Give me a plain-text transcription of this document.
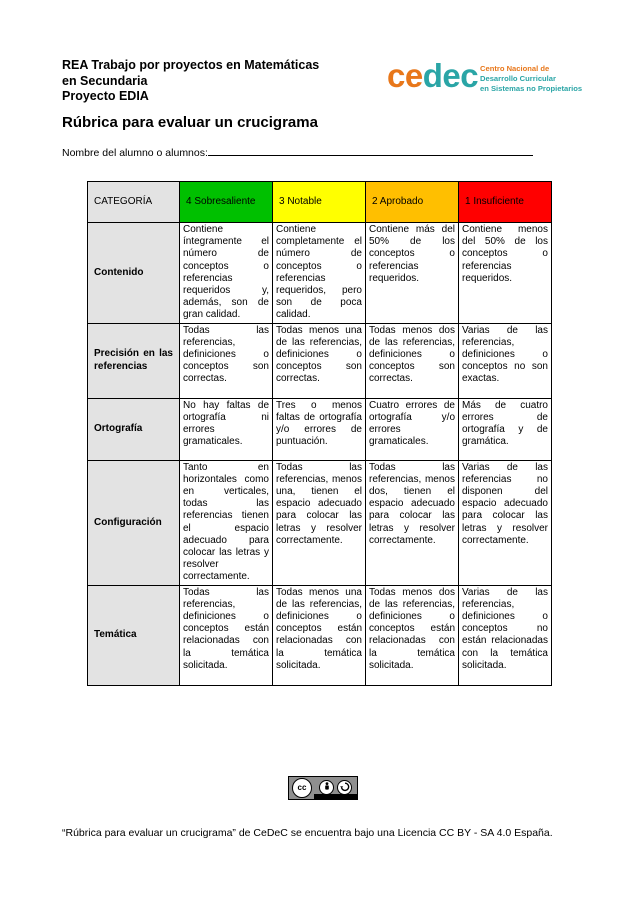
REA Trabajo por proyectos en Matemáticas
en Secundaria
Proyecto EDIA
cedec Centro Nacional de
Desarrollo Curricular
en Sistemas no Propietarios
Rúbrica para evaluar un crucigrama
Nombre del alumno o alumnos:
CATEGORÍA	4 Sobresaliente	3 Notable	2 Aprobado	1 Insuficiente
Contenido	Contiene íntegramente el número de conceptos o referencias requeridos y, además, son de gran calidad.	Contiene completamente el número de conceptos o referencias requeridos, pero son de poca calidad.	Contiene más del 50% de los conceptos o referencias requeridos.	Contiene menos del 50% de los conceptos o referencias requeridos.
Precisión en las referencias	Todas las referencias, definiciones o conceptos son correctas.	Todas menos una de las referencias, definiciones o conceptos son correctas.	Todas menos dos de las referencias, definiciones o conceptos son correctas.	Varias de las referencias, definiciones o conceptos no son exactas.
Ortografía	No hay faltas de ortografía ni errores gramaticales.	Tres o menos faltas de ortografía y/o errores de puntuación.	Cuatro errores de ortografía y/o errores gramaticales.	Más de cuatro errores de ortografía y de gramática.
Configuración	Tanto en horizontales como en verticales, todas las referencias tienen el espacio adecuado para colocar las letras y resolver correctamente.	Todas las referencias, menos una, tienen el espacio adecuado para colocar las letras y resolver correctamente.	Todas las referencias, menos dos, tienen el espacio adecuado para colocar las letras y resolver correctamente.	Varias de las referencias no disponen del espacio adecuado para colocar las letras y resolver correctamente.
Temática	Todas las referencias, definiciones o conceptos están relacionadas con la temática solicitada.	Todas menos una de las referencias, definiciones o conceptos están relacionadas con la temática solicitada.	Todas menos dos de las referencias, definiciones o conceptos están relacionadas con la temática solicitada.	Varias de las referencias, definiciones o conceptos no están relacionadas con la temática solicitada.
cc
“Rúbrica para evaluar un crucigrama” de CeDeC se encuentra bajo una Licencia CC BY - SA 4.0 España.
